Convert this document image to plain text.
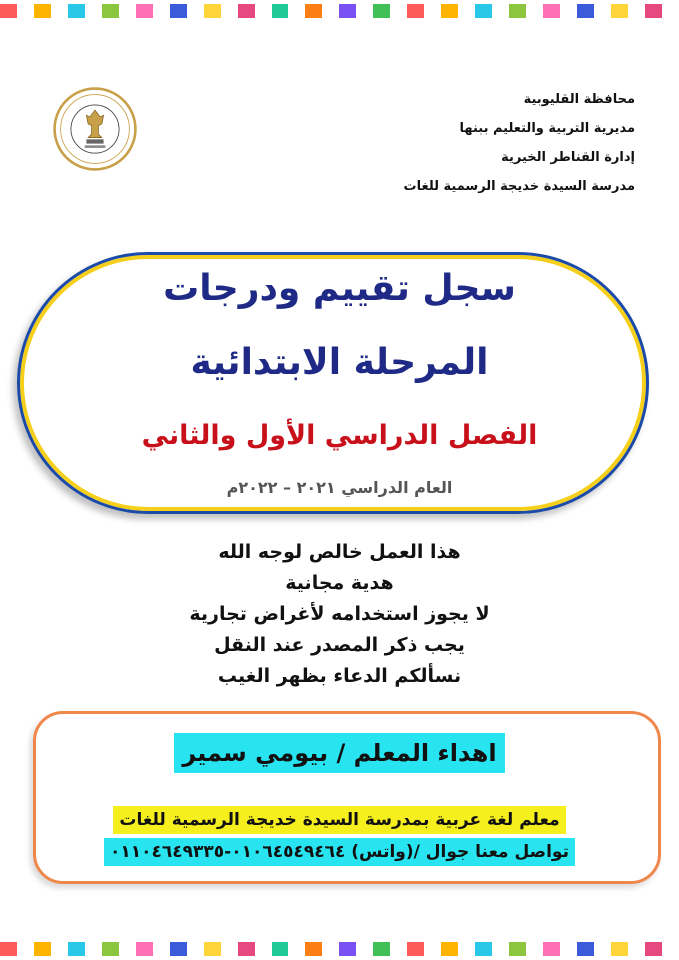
محافظة القليوبية
مديرية التربية والتعليم ببنها
إدارة القناطر الخيرية
مدرسة السيدة خديجة الرسمية للغات
سجل تقييم ودرجات
المرحلة الابتدائية
الفصل الدراسي الأول والثاني
العام الدراسي ٢٠٢١ – ٢٠٢٢م
هذا العمل خالص لوجه الله
هدية مجانية
لا يجوز استخدامه لأغراض تجارية
يجب ذكر المصدر عند النقل
نسألكم الدعاء بظهر الغيب
اهداء المعلم / بيومي سمير
معلم لغة عربية بمدرسة السيدة خديجة الرسمية للغات
تواصل معنا جوال /(واتس) ٠١٠٦٤٥٤٩٤٦٤-٠١١٠٤٦٤٩٣٣٥
